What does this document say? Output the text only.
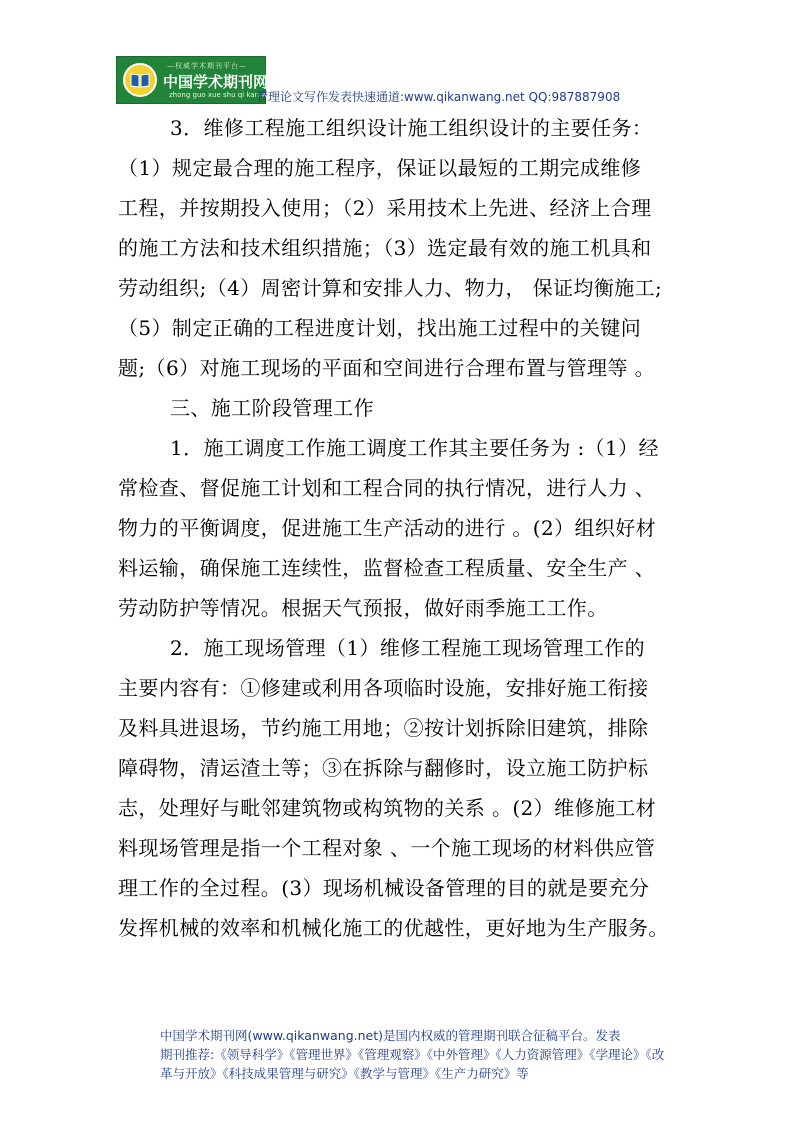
—权威学术期刊平台—
中国学术期刊网
zhong guo xue shu qi kan wang
管理论文写作发表快速通道:www.qikanwang.net QQ:987887908
3．维修工程施工组织设计施工组织设计的主要任务：
（1）规定最合理的施工程序，保证以最短的工期完成维修
工程，并按期投入使用；（2）采用技术上先进、经济上合理
的施工方法和技术组织措施；（3）选定最有效的施工机具和
劳动组织;（4）周密计算和安排人力、物力， 保证均衡施工;
（5）制定正确的工程进度计划，找出施工过程中的关键问
题;（6）对施工现场的平面和空间进行合理布置与管理等 。
三、施工阶段管理工作
1．施工调度工作施工调度工作其主要任务为 :（1）经
常检查、督促施工计划和工程合同的执行情况，进行人力 、
物力的平衡调度，促进施工生产活动的进行 。(2）组织好材
料运输，确保施工连续性，监督检查工程质量、安全生产 、
劳动防护等情况。根据天气预报，做好雨季施工工作。
2．施工现场管理（1）维修工程施工现场管理工作的
主要内容有：①修建或利用各项临时设施，安排好施工衔接
及料具进退场，节约施工用地；②按计划拆除旧建筑，排除
障碍物，清运渣土等；③在拆除与翻修时，设立施工防护标
志，处理好与毗邻建筑物或构筑物的关系 。(2）维修施工材
料现场管理是指一个工程对象 、一个施工现场的材料供应管
理工作的全过程。(3）现场机械设备管理的目的就是要充分
发挥机械的效率和机械化施工的优越性，更好地为生产服务。
中国学术期刊网(www.qikanwang.net)是国内权威的管理期刊联合征稿平台。发表
期刊推荐:《领导科学》《管理世界》《管理观察》《中外管理》《人力资源管理》《学理论》《改
革与开放》《科技成果管理与研究》《教学与管理》《生产力研究》等
